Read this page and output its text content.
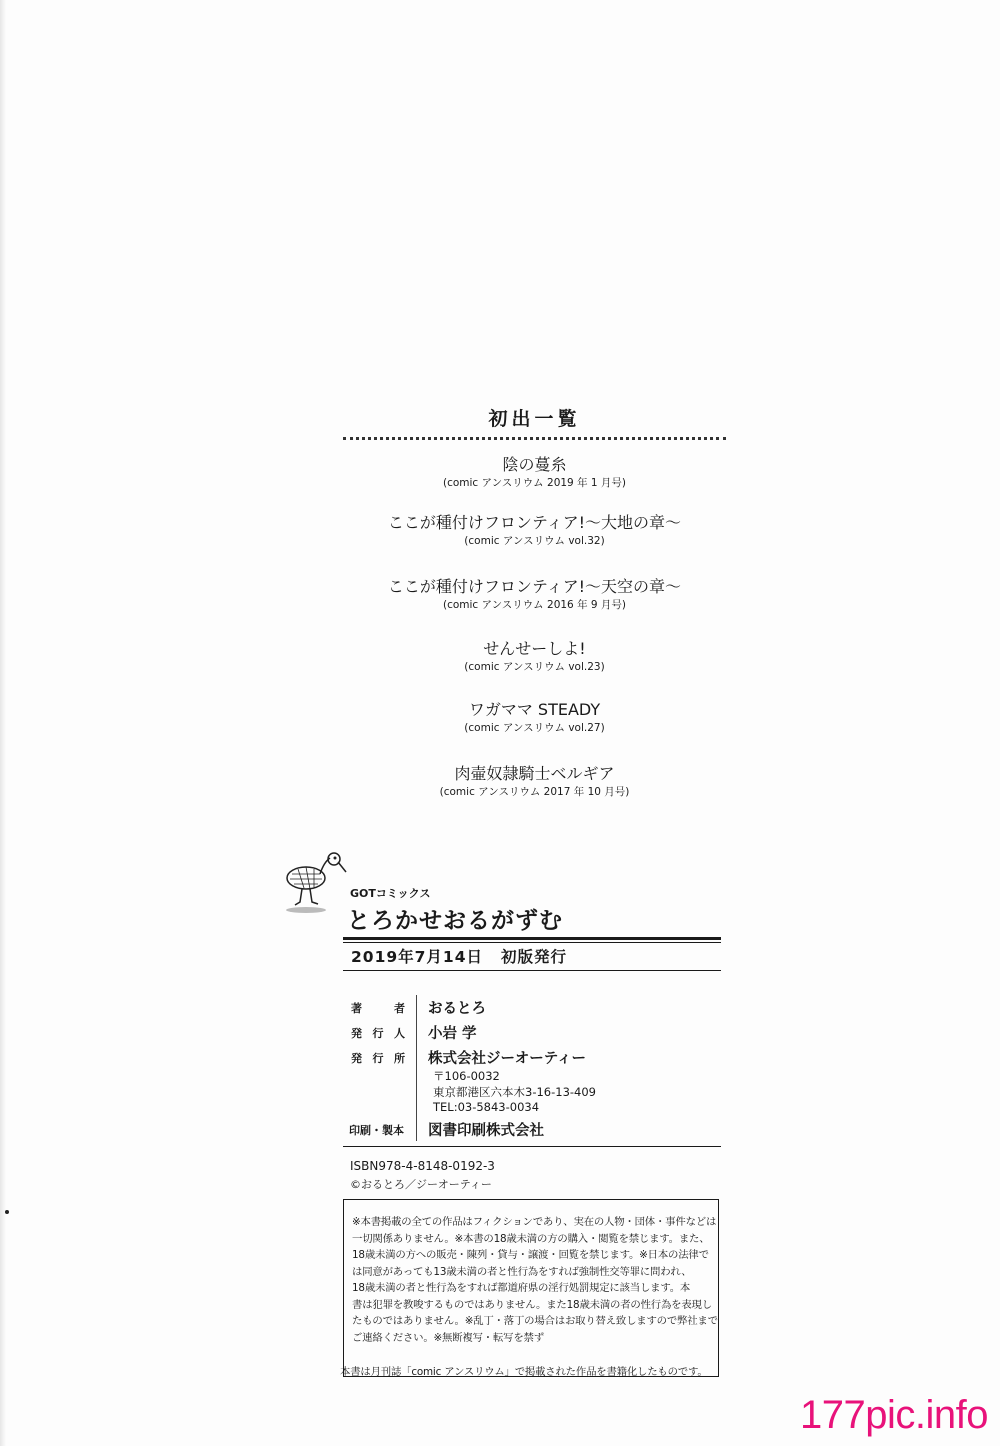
初出一覧
陰の蔓糸
(comic アンスリウム 2019 年 1 月号)
ここが種付けフロンティア!～大地の章～
(comic アンスリウム vol.32)
ここが種付けフロンティア!～天空の章～
(comic アンスリウム 2016 年 9 月号)
せんせーしよ!
(comic アンスリウム vol.23)
ワガママ STEADY
(comic アンスリウム vol.27)
肉壷奴隷騎士ベルギア
(comic アンスリウム 2017 年 10 月号)
GOTコミックス
とろかせおるがずむ
2019年7月14日 初版発行
著　者 おるとろ
発行人 小岩 学
発行所 株式会社ジーオーティー
〒106-0032
東京都港区六本木3-16-13-409
TEL:03-5843-0034
印刷・製本	図書印刷株式会社
ISBN978-4-8148-0192-3
©おるとろ／ジーオーティー
※本書掲載の全ての作品はフィクションであり、実在の人物・団体・事件などは
一切関係ありません。※本書の18歳未満の方の購入・閲覧を禁じます。また、
18歳未満の方への販売・陳列・貸与・譲渡・回覧を禁じます。※日本の法律で
は同意があっても13歳未満の者と性行為をすれば強制性交等罪に問われ、
18歳未満の者と性行為をすれば都道府県の淫行処罰規定に該当します。本
書は犯罪を教唆するものではありません。また18歳未満の者の性行為を表現し
たものではありません。※乱丁・落丁の場合はお取り替え致しますので弊社まで
ご連絡ください。※無断複写・転写を禁ず
本書は月刊誌「comic アンスリウム」で掲載された作品を書籍化したものです。
177pic.info
